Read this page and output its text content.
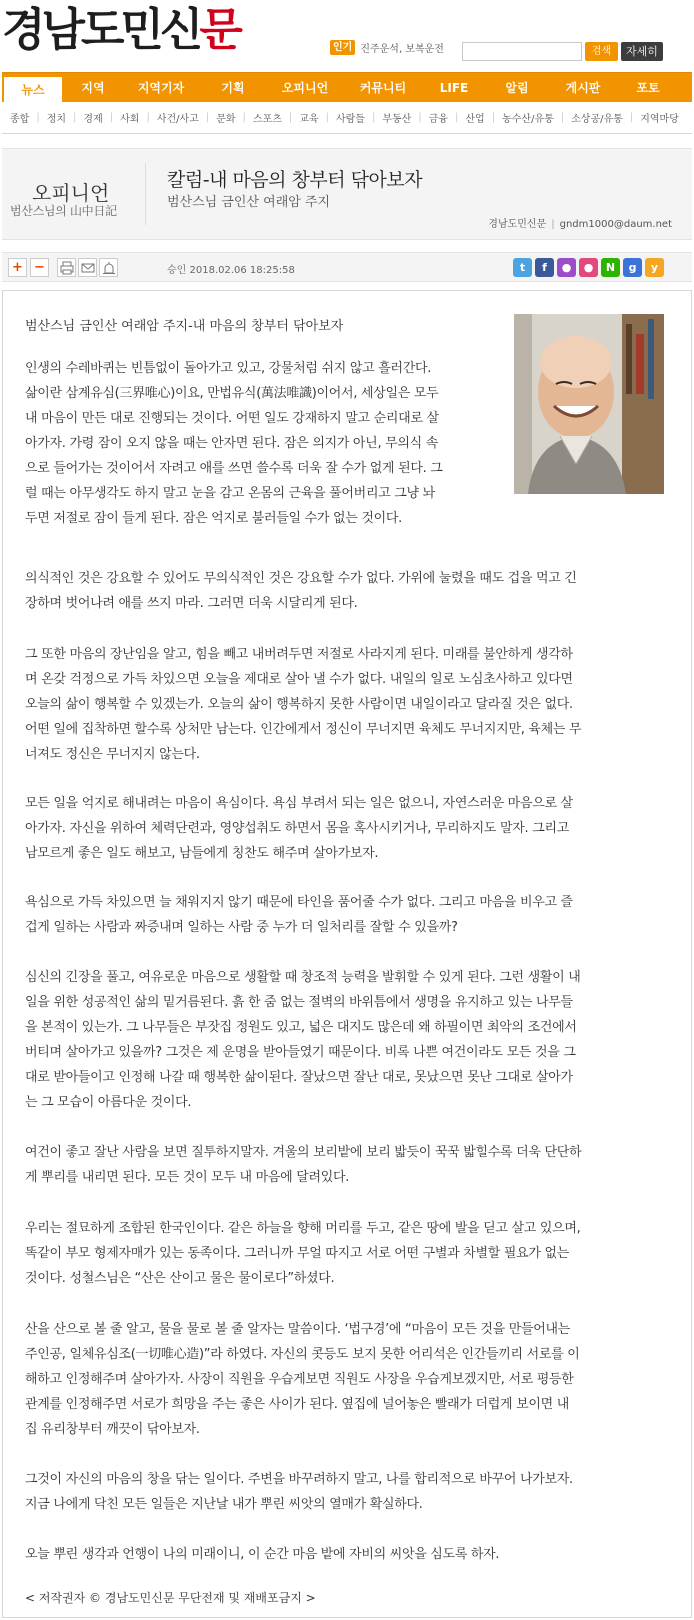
경남도민신문	인기 진주운석, 보복운전	검색	자세히
뉴스	지역	지역기자	기획	오피니언	커뮤니티	LIFE	알림	게시판	포토
종합 | 정치 | 경제 | 사회 | 사건/사고 | 문화 | 스포츠 | 교육 | 사람들 | 부동산 | 금융 | 산업 | 농수산/유통 | 소상공/유통 | 지역마당
오피니언
범산스님의 山中日記
칼럼-내 마음의 창부터 닦아보자
범산스님 금인산 여래암 주지
경남도민신문 | gndm1000@daum.net
+ −	승인 2018.02.06 18:25:58	t	f	●	●	N	g	y
범산스님 금인산 여래암 주지-내 마음의 창부터 닦아보자
인생의 수레바퀴는 빈틈없이 돌아가고 있고, 강물처럼 쉬지 않고 흘러간다.
삶이란 삼계유심(三界唯心)이요, 만법유식(萬法唯識)이어서, 세상일은 모두
내 마음이 만든 대로 진행되는 것이다. 어떤 일도 강재하지 말고 순리대로 살
아가자. 가령 잠이 오지 않을 때는 안자면 된다. 잠은 의지가 아닌, 무의식 속
으로 들어가는 것이어서 자려고 애를 쓰면 쓸수록 더욱 잘 수가 없게 된다. 그
럴 때는 아무생각도 하지 말고 눈을 감고 온몸의 근육을 풀어버리고 그냥 놔
두면 저절로 잠이 들게 된다. 잠은 억지로 불러들일 수가 없는 것이다.
의식적인 것은 강요할 수 있어도 무의식적인 것은 강요할 수가 없다. 가위에 눌렸을 때도 겁을 먹고 긴
장하며 벗어나려 애를 쓰지 마라. 그러면 더욱 시달리게 된다.
그 또한 마음의 장난임을 알고, 힘을 빼고 내버려두면 저절로 사라지게 된다. 미래를 불안하게 생각하
며 온갖 걱정으로 가득 차있으면 오늘을 제대로 살아 낼 수가 없다. 내일의 일로 노심초사하고 있다면
오늘의 삶이 행복할 수 있겠는가. 오늘의 삶이 행복하지 못한 사람이면 내일이라고 달라질 것은 없다.
어떤 일에 집착하면 할수록 상처만 남는다. 인간에게서 정신이 무너지면 육체도 무너지지만, 육체는 무
너져도 정신은 무너지지 않는다.
모든 일을 억지로 해내려는 마음이 욕심이다. 욕심 부려서 되는 일은 없으니, 자연스러운 마음으로 살
아가자. 자신을 위하여 체력단련과, 영양섭취도 하면서 몸을 혹사시키거나, 무리하지도 말자. 그리고
남모르게 좋은 일도 해보고, 남들에게 칭찬도 해주며 살아가보자.
욕심으로 가득 차있으면 늘 채워지지 않기 때문에 타인을 품어줄 수가 없다. 그리고 마음을 비우고 즐
겁게 일하는 사람과 짜증내며 일하는 사람 중 누가 더 일처리를 잘할 수 있을까?
심신의 긴장을 풀고, 여유로운 마음으로 생활할 때 창조적 능력을 발휘할 수 있게 된다. 그런 생활이 내
일을 위한 성공적인 삶의 밑거름된다. 흙 한 줌 없는 절벽의 바위틈에서 생명을 유지하고 있는 나무들
을 본적이 있는가. 그 나무들은 부잣집 정원도 있고, 넓은 대지도 많은데 왜 하필이면 최악의 조건에서
버티며 살아가고 있을까? 그것은 제 운명을 받아들였기 때문이다. 비록 나쁜 여건이라도 모든 것을 그
대로 받아들이고 인정해 나갈 때 행복한 삶이된다. 잘났으면 잘난 대로, 못났으면 못난 그대로 살아가
는 그 모습이 아름다운 것이다.
여건이 좋고 잘난 사람을 보면 질투하지말자. 겨울의 보리밭에 보리 밟듯이 꾹꾹 밟힐수록 더욱 단단하
게 뿌리를 내리면 된다. 모든 것이 모두 내 마음에 달려있다.
우리는 절묘하게 조합된 한국인이다. 같은 하늘을 향해 머리를 두고, 같은 땅에 발을 딛고 살고 있으며,
똑같이 부모 형제자매가 있는 동족이다. 그러니까 무얼 따지고 서로 어떤 구별과 차별할 필요가 없는
것이다. 성철스님은 “산은 산이고 물은 물이로다”하셨다.
산을 산으로 볼 줄 알고, 물을 물로 볼 줄 알자는 말씀이다. ‘법구경’에 “마음이 모든 것을 만들어내는
주인공, 일체유심조(一切唯心造)”라 하였다. 자신의 콧등도 보지 못한 어리석은 인간들끼리 서로를 이
해하고 인정해주며 살아가자. 사장이 직원을 우습게보면 직원도 사장을 우습게보겠지만, 서로 평등한
관계를 인정해주면 서로가 희망을 주는 좋은 사이가 된다. 옆집에 널어놓은 빨래가 더럽게 보이면 내
집 유리창부터 깨끗이 닦아보자.
그것이 자신의 마음의 창을 닦는 일이다. 주변을 바꾸려하지 말고, 나를 합리적으로 바꾸어 나가보자.
지금 나에게 닥친 모든 일들은 지난날 내가 뿌린 씨앗의 열매가 확실하다.
오늘 뿌린 생각과 언행이 나의 미래이니, 이 순간 마음 밭에 자비의 씨앗을 심도록 하자.
< 저작권자 © 경남도민신문 무단전재 및 재배포금지 >
